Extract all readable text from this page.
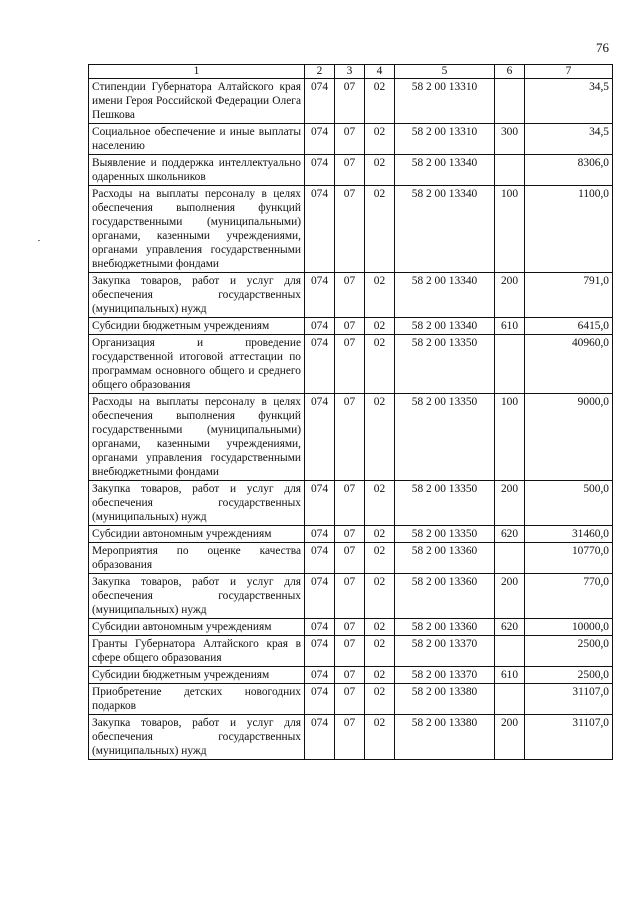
76
1	2	3	4	5	6	7
Стипендии Губернатора Алтайского края имени Героя Российской Федерации Олега Пешкова	074	07	02	58 2 00 13310		34,5
Социальное обеспечение и иные выплаты населению	074	07	02	58 2 00 13310	300	34,5
Выявление и поддержка интеллектуально одаренных школьников	074	07	02	58 2 00 13340		8306,0
Расходы на выплаты персоналу в целях обеспечения выполнения функций государственными (муниципальными) органами, казенными учреждениями, органами управления государственными внебюджетными фондами	074	07	02	58 2 00 13340	100	1100,0
Закупка товаров, работ и услуг для обеспечения государственных (муниципальных) нужд	074	07	02	58 2 00 13340	200	791,0
Субсидии бюджетным учреждениям	074	07	02	58 2 00 13340	610	6415,0
Организация и проведение государственной итоговой аттестации по программам основного общего и среднего общего образования	074	07	02	58 2 00 13350		40960,0
Расходы на выплаты персоналу в целях обеспечения выполнения функций государственными (муниципальными) органами, казенными учреждениями, органами управления государственными внебюджетными фондами	074	07	02	58 2 00 13350	100	9000,0
Закупка товаров, работ и услуг для обеспечения государственных (муниципальных) нужд	074	07	02	58 2 00 13350	200	500,0
Субсидии автономным учреждениям	074	07	02	58 2 00 13350	620	31460,0
Мероприятия по оценке качества образования	074	07	02	58 2 00 13360		10770,0
Закупка товаров, работ и услуг для обеспечения государственных (муниципальных) нужд	074	07	02	58 2 00 13360	200	770,0
Субсидии автономным учреждениям	074	07	02	58 2 00 13360	620	10000,0
Гранты Губернатора Алтайского края в сфере общего образования	074	07	02	58 2 00 13370		2500,0
Субсидии бюджетным учреждениям	074	07	02	58 2 00 13370	610	2500,0
Приобретение детских новогодних подарков	074	07	02	58 2 00 13380		31107,0
Закупка товаров, работ и услуг для обеспечения государственных (муниципальных) нужд	074	07	02	58 2 00 13380	200	31107,0
